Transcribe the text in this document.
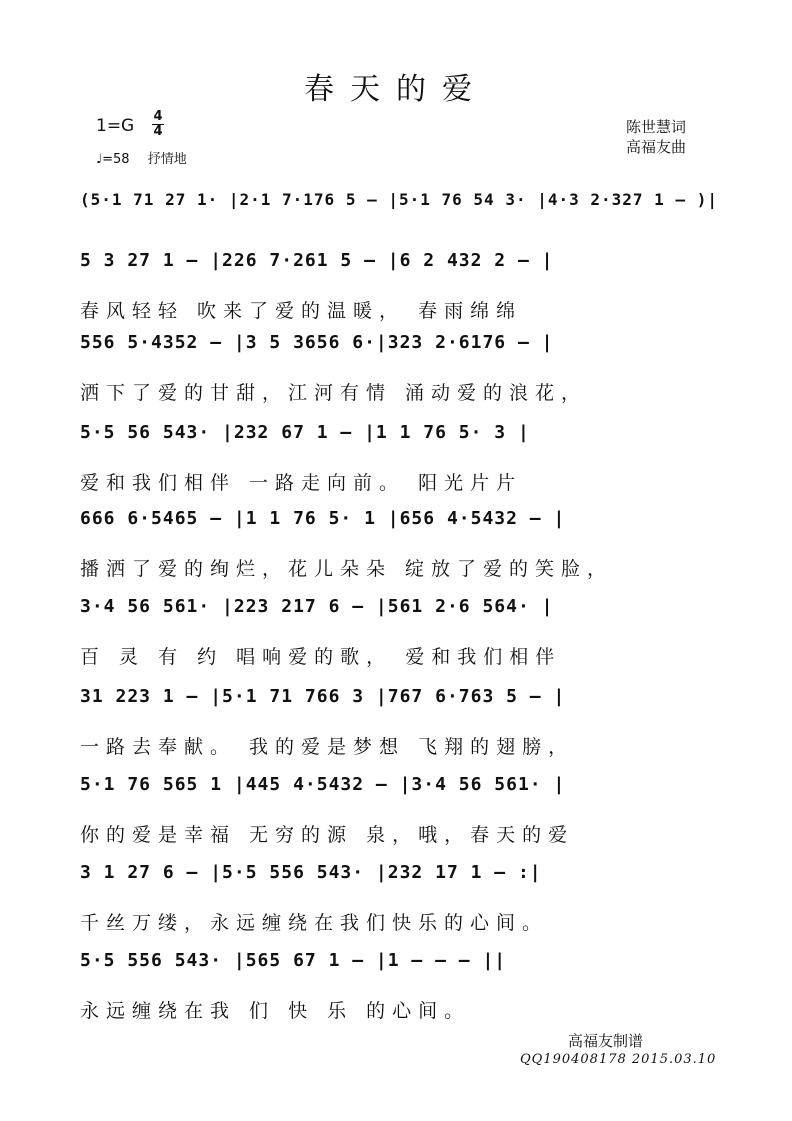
春天的爱
1=G 4
4
♩=58 抒情地
陈世慧词
高福友曲
(5·1 71 27 1· |2·1 7·176 5 – |5·1 76 54 3· |4·3 2·327 1 – )|
5 3 27 1 – |226 7·261 5 – |6 2 432 2 – |
春风轻轻 吹来了爱的温暖， 春雨绵绵
556 5·4352 – |3 5 3656 6·|323 2·6176 – |
洒下了爱的甘甜，江河有情 涌动爱的浪花，
5·5 56 543· |232 67 1 – |1 1 76 5· 3 |
爱和我们相伴 一路走向前。 阳光片片
666 6·5465 – |1 1 76 5· 1 |656 4·5432 – |
播洒了爱的绚烂，花儿朵朵 绽放了爱的笑脸，
3·4 56 561· |223 217 6 – |561 2·6 564· |
百 灵 有 约 唱响爱的歌， 爱和我们相伴
31 223 1 – |5·1 71 766 3 |767 6·763 5 – |
一路去奉献。 我的爱是梦想 飞翔的翅膀，
5·1 76 565 1 |445 4·5432 – |3·4 56 561· |
你的爱是幸福 无穷的源 泉，哦，春天的爱
3 1 27 6 – |5·5 556 543· |232 17 1 – :|
千丝万缕，永远缠绕在我们快乐的心间。
5·5 556 543· |565 67 1 – |1 – – – ||
永远缠绕在我 们 快 乐 的心间。
高福友制谱
QQ190408178 2015.03.10
